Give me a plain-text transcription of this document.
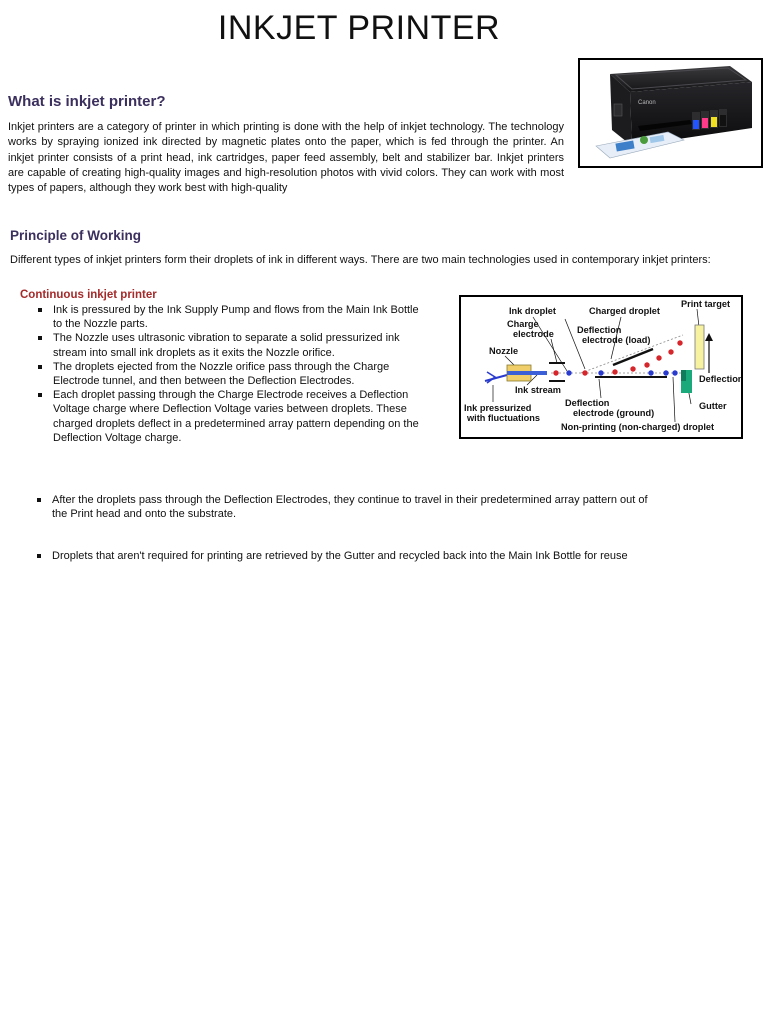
INKJET PRINTER
Canon
What is inkjet printer?

Inkjet printers are a category of printer in which printing is done with the help of inkjet technology. The technology works by spraying ionized ink directed by magnetic plates onto the paper, which is fed through the printer. An inkjet printer consists of a print head, ink cartridges, paper feed assembly, belt and stabilizer bar. Inkjet printers are capable of creating high-quality images and high-resolution photos with vivid colors. They can work with most types of papers, although they work best with high-quality

Principle of Working

Different types of inkjet printers form their droplets of ink in different ways. There are two main technologies used in contemporary inkjet printers:

Continuous inkjet printer
Ink is pressured by the Ink Supply Pump and flows from the Main Ink Bottle to the Nozzle parts.
The Nozzle uses ultrasonic vibration to separate a solid pressurized ink stream into small ink droplets as it exits the Nozzle orifice.
The droplets ejected from the Nozzle orifice pass through the Charge Electrode tunnel, and then between the Deflection Electrodes.
Each droplet passing through the Charge Electrode receives a Deflection Voltage charge where Deflection Voltage varies between droplets. These charged droplets deflect in a predetermined array pattern depending on the Deflection Voltage charge.
After the droplets pass through the Deflection Electrodes, they continue to travel in their predetermined array pattern out of the Print head and onto the substrate.
Droplets that aren't required for printing are retrieved by the Gutter and recycled back into the Main Ink Bottle for reuse
Ink droplet	Charged droplet
Print target
Charge
electrode	Deflection
electrode (load)
Nozzle
Deflection
Ink stream
Gutter
Deflection
electrode (ground)
Ink pressurized
with fluctuations
Non-printing (non-charged) droplet
